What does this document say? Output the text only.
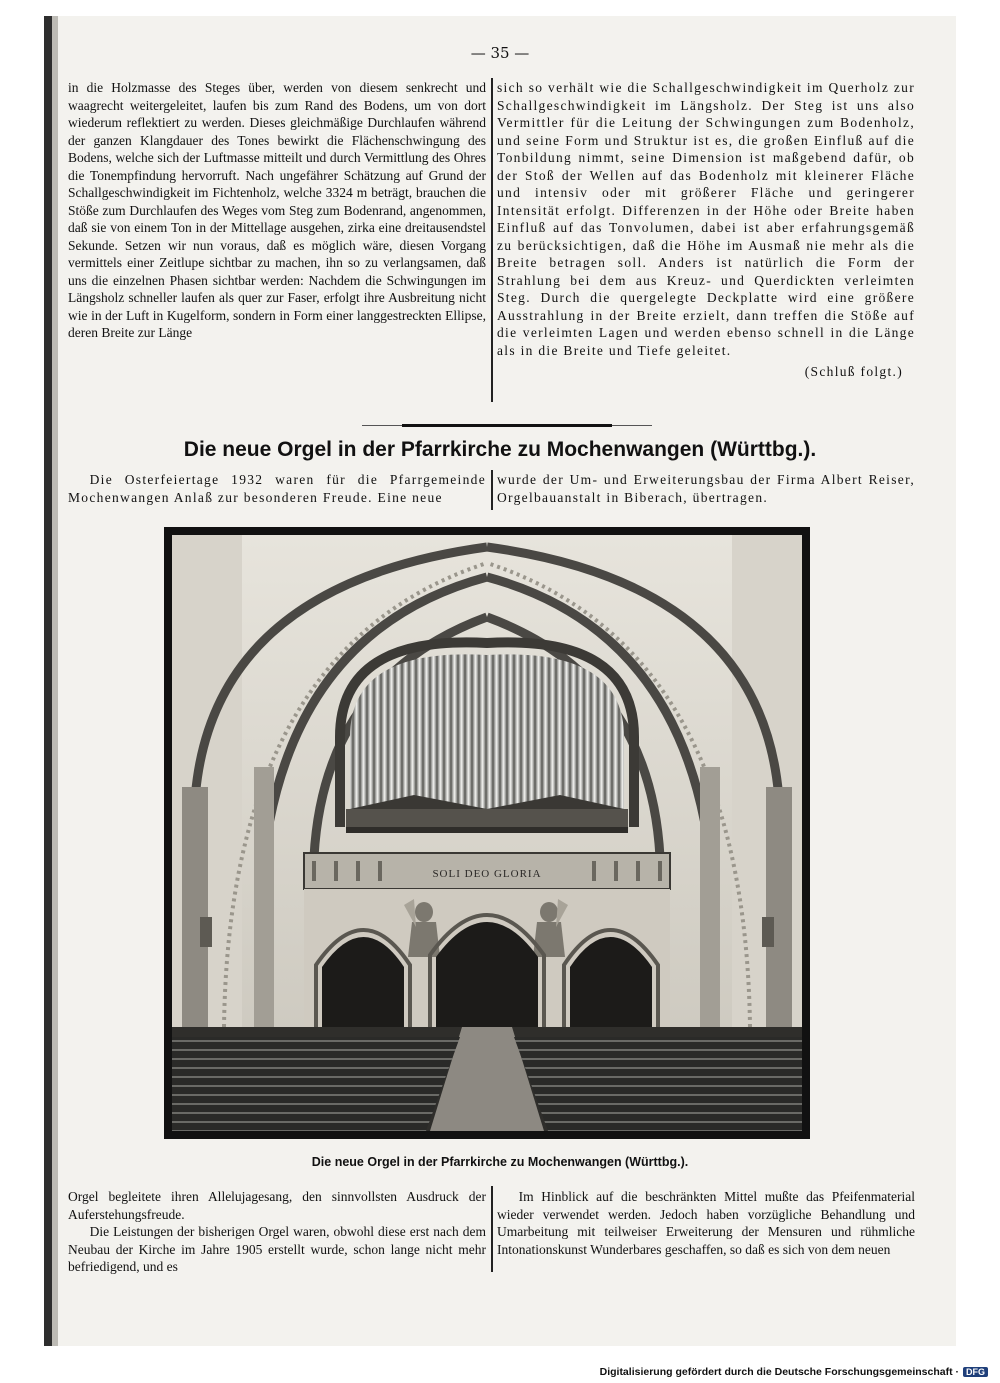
— 35 —

in die Holzmasse des Steges über, werden von diesem senkrecht und waagrecht weitergeleitet, laufen bis zum Rand des Bodens, um von dort wiederum reflektiert zu werden. Dieses gleichmäßige Durchlaufen während der ganzen Klangdauer des Tones bewirkt die Flächenschwingung des Bodens, welche sich der Luftmasse mitteilt und durch Vermittlung des Ohres die Tonempfindung hervorruft. Nach ungefährer Schätzung auf Grund der Schallgeschwindigkeit im Fichtenholz, welche 3324 m beträgt, brauchen die Stöße zum Durchlaufen des Weges vom Steg zum Bodenrand, angenommen, daß sie von einem Ton in der Mittellage ausgehen, zirka eine dreitausendstel Sekunde. Setzen wir nun voraus, daß es möglich wäre, diesen Vorgang vermittels einer Zeitlupe sichtbar zu machen, ihn so zu verlangsamen, daß uns die einzelnen Phasen sichtbar werden: Nachdem die Schwingungen im Längsholz schneller laufen als quer zur Faser, erfolgt ihre Ausbreitung nicht wie in der Luft in Kugelform, sondern in Form einer langgestreckten Ellipse, deren Breite zur Länge

sich so verhält wie die Schallgeschwindigkeit im Querholz zur Schallgeschwindigkeit im Längsholz. Der Steg ist uns also Vermittler für die Leitung der Schwingungen zum Bodenholz, und seine Form und Struktur ist es, die großen Einfluß auf die Tonbildung nimmt, seine Dimension ist maßgebend dafür, ob der Stoß der Wellen auf das Bodenholz mit kleinerer Fläche und intensiv oder mit größerer Fläche und geringerer Intensität erfolgt. Differenzen in der Höhe oder Breite haben Einfluß auf das Tonvolumen, dabei ist aber erfahrungsgemäß zu berücksichtigen, daß die Höhe im Ausmaß nie mehr als die Breite betragen soll. Anders ist natürlich die Form der Strahlung bei dem aus Kreuz- und Querdickten verleimten Steg. Durch die quergelegte Deckplatte wird eine größere Ausstrahlung in der Breite erzielt, dann treffen die Stöße auf die verleimten Lagen und werden ebenso schnell in die Länge als in die Breite und Tiefe geleitet.

(Schluß folgt.)

Die neue Orgel in der Pfarrkirche zu Mochenwangen (Württbg.).

Die Osterfeiertage 1932 waren für die Pfarrgemeinde Mochenwangen Anlaß zur besonderen Freude. Eine neue

wurde der Um- und Erweiterungsbau der Firma Albert Reiser, Orgelbauanstalt in Biberach, übertragen.

SOLI DEO GLORIA
Die neue Orgel in der Pfarrkirche zu Mochenwangen (Württbg.).

Orgel begleitete ihren Allelujagesang, den sinnvollsten Ausdruck der Auferstehungsfreude.

Die Leistungen der bisherigen Orgel waren, obwohl diese erst nach dem Neubau der Kirche im Jahre 1905 erstellt wurde, schon lange nicht mehr befriedigend, und es

Im Hinblick auf die beschränkten Mittel mußte das Pfeifenmaterial wieder verwendet werden. Jedoch haben vorzügliche Behandlung und Umarbeitung mit teilweiser Erweiterung der Mensuren und rühmliche Intonationskunst Wunderbares geschaffen, so daß es sich von dem neuen

Digitalisierung gefördert durch die Deutsche Forschungsgemeinschaft · DFG
